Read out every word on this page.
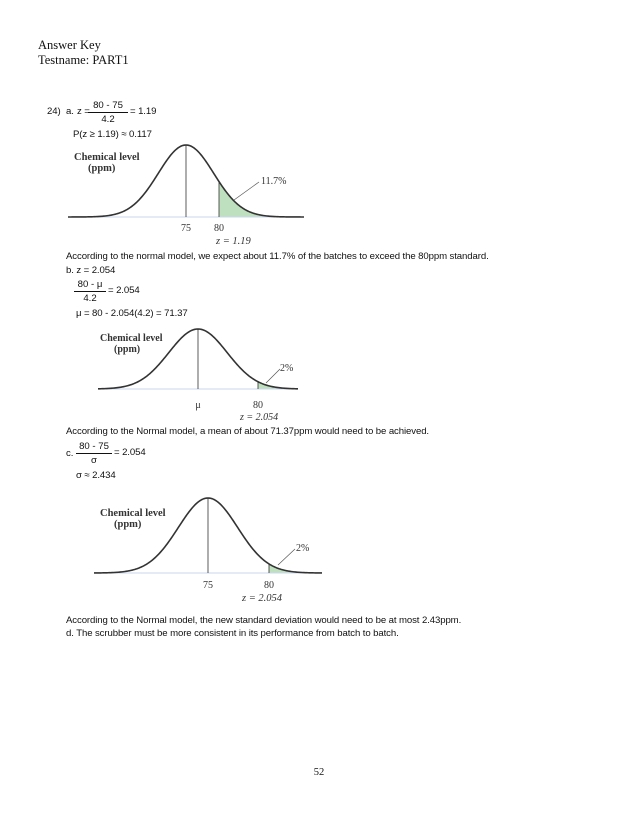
Answer Key
Testname: PART1
24) a. z =
$\frac{80 - 75}{4.2} = 1.19$
P(z ≥ 1.19) ≈ 0.117
Chemical level
(ppm)
75 80
11.7%
z = 1.19
According to the normal model, we expect about 11.7% of the batches to exceed the 80ppm standard.
b. z = 2.054
$\frac{80 - \mu}{4.2} = 2.054$
μ = 80 - 2.054(4.2) = 71.37
Chemical level
(ppm)
μ	80
2%
z = 2.054
According to the Normal model, a mean of about 71.37ppm would need to be achieved.
c. $\frac{80 - 75}{\sigma} = 2.054$
σ ≈ 2.434
Chemical level
(ppm)
75	80
2%
z = 2.054
According to the Normal model, the new standard deviation would need to be at most 2.43ppm.
d. The scrubber must be more consistent in its performance from batch to batch.
52
